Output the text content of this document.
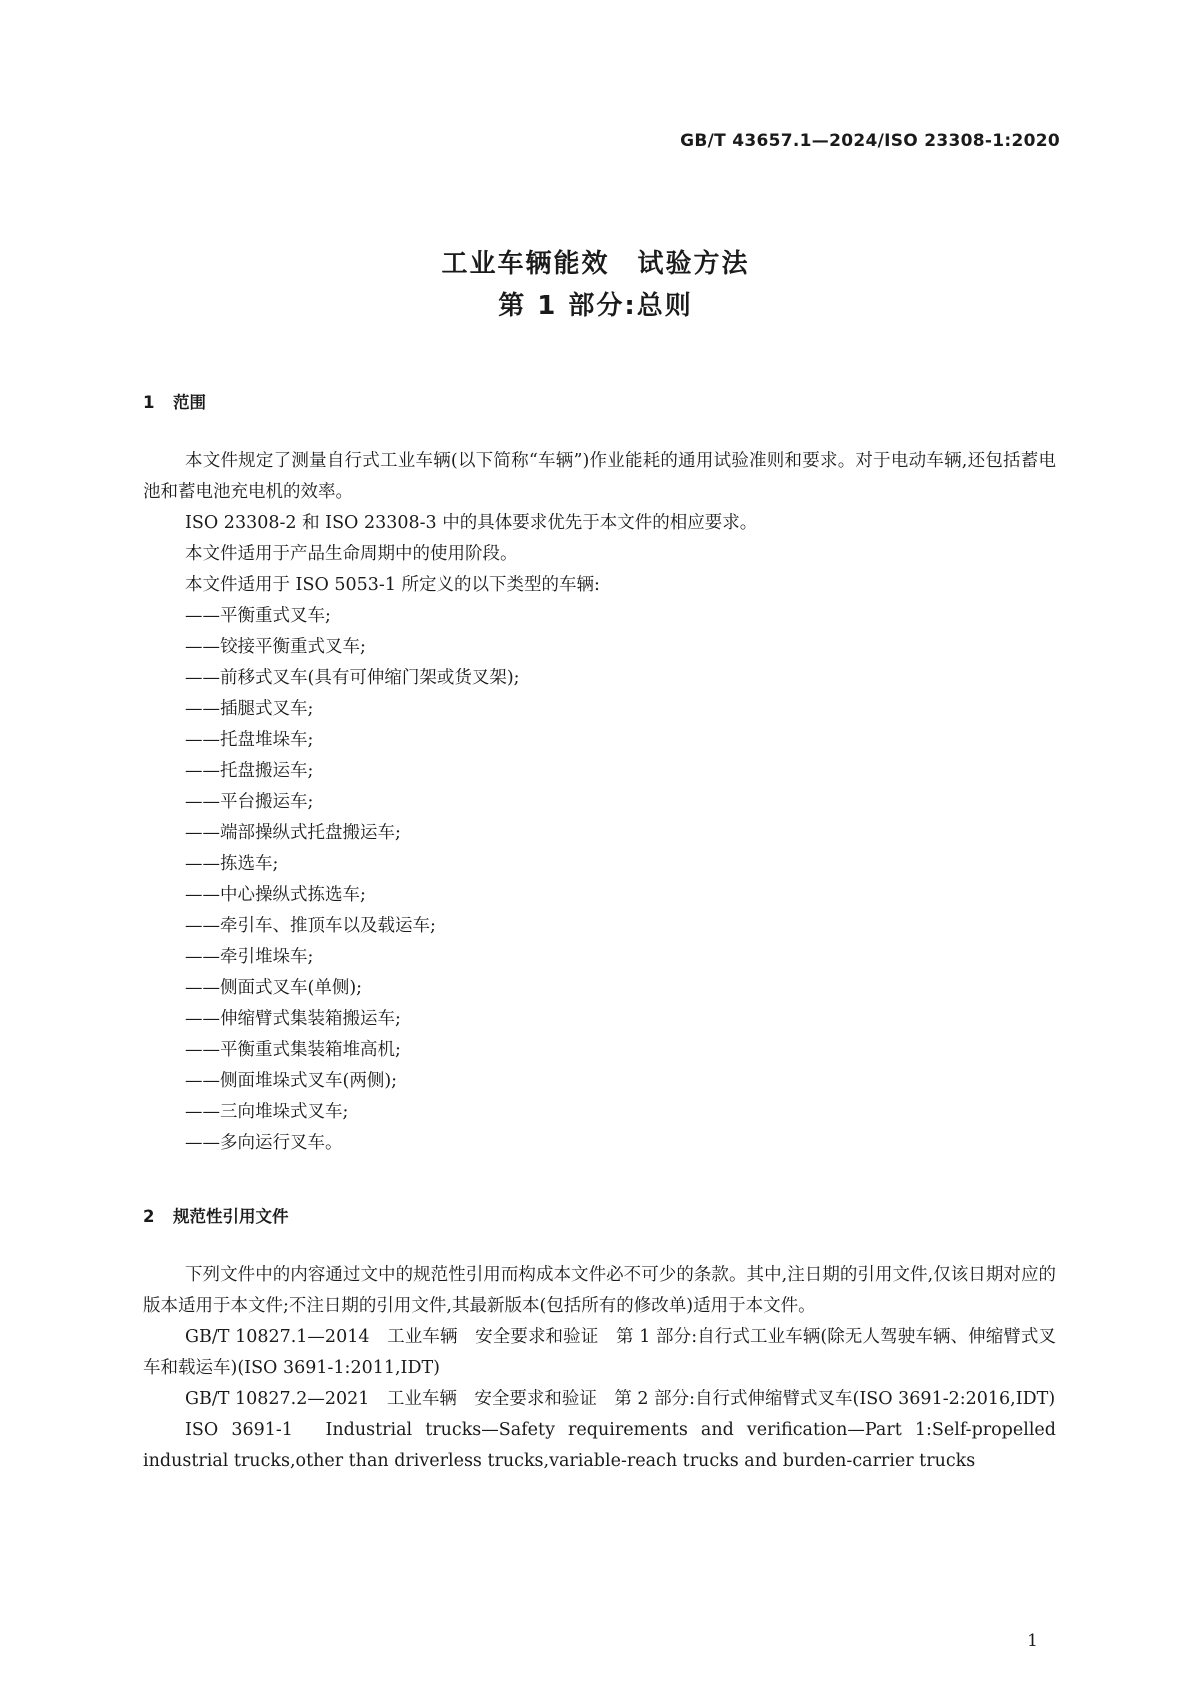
GB/T 43657.1—2024/ISO 23308-1:2020
工业车辆能效　试验方法
第 1 部分:总则
1 范围

本文件规定了测量自行式工业车辆(以下简称“车辆”)作业能耗的通用试验准则和要求。对于电动车辆,还包括蓄电池和蓄电池充电机的效率。

ISO 23308-2 和 ISO 23308-3 中的具体要求优先于本文件的相应要求。

本文件适用于产品生命周期中的使用阶段。

本文件适用于 ISO 5053-1 所定义的以下类型的车辆:

——平衡重式叉车;

——铰接平衡重式叉车;

——前移式叉车(具有可伸缩门架或货叉架);

——插腿式叉车;

——托盘堆垛车;

——托盘搬运车;

——平台搬运车;

——端部操纵式托盘搬运车;

——拣选车;

——中心操纵式拣选车;

——牵引车、推顶车以及载运车;

——牵引堆垛车;

——侧面式叉车(单侧);

——伸缩臂式集装箱搬运车;

——平衡重式集装箱堆高机;

——侧面堆垛式叉车(两侧);

——三向堆垛式叉车;

——多向运行叉车。

2 规范性引用文件

下列文件中的内容通过文中的规范性引用而构成本文件必不可少的条款。其中,注日期的引用文件,仅该日期对应的版本适用于本文件;不注日期的引用文件,其最新版本(包括所有的修改单)适用于本文件。

GB/T 10827.1—2014　工业车辆　安全要求和验证　第 1 部分:自行式工业车辆(除无人驾驶车辆、伸缩臂式叉车和载运车)(ISO 3691-1:2011,IDT)

GB/T 10827.2—2021　工业车辆　安全要求和验证　第 2 部分:自行式伸缩臂式叉车(ISO 3691-2:2016,IDT)

ISO 3691-1　Industrial trucks—Safety requirements and verification—Part 1:Self-propelled industrial trucks,other than driverless trucks,variable-reach trucks and burden-carrier trucks

1
